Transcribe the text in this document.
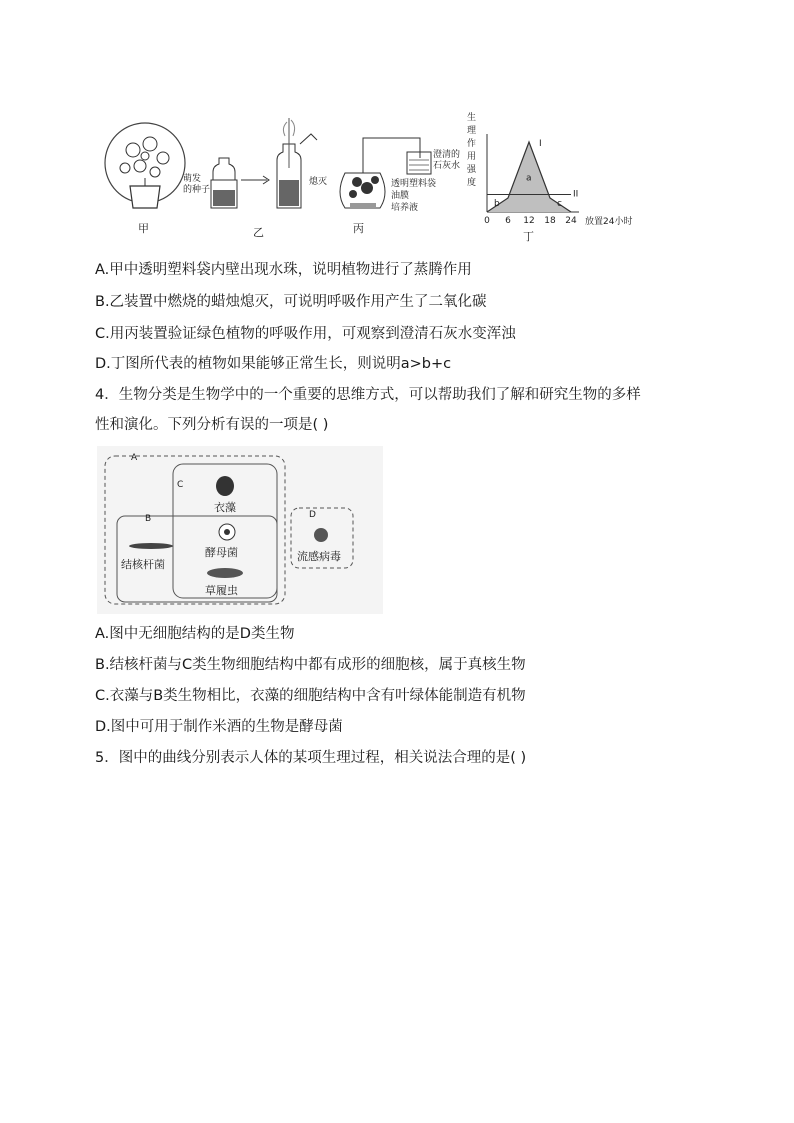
0 6 12 18 24
I
II
a
b	c
甲
萌发
的种子
熄灭
乙
澄清的
石灰水
透明塑料袋
油膜
培养液
丙
生
理
作
用
强
度
放置24小时
丁
A.甲中透明塑料袋内壁出现水珠，说明植物进行了蒸腾作用
B.乙装置中燃烧的蜡烛熄灭，可说明呼吸作用产生了二氧化碳
C.用丙装置验证绿色植物的呼吸作用，可观察到澄清石灰水变浑浊
D.丁图所代表的植物如果能够正常生长，则说明a>b+c
4．生物分类是生物学中的一个重要的思维方式，可以帮助我们了解和研究生物的多样
性和演化。下列分析有误的一项是( )
A
C
B	D
衣藻
酵母菌
草履虫
结核杆菌
流感病毒
A.图中无细胞结构的是D类生物
B.结核杆菌与C类生物细胞结构中都有成形的细胞核，属于真核生物
C.衣藻与B类生物相比，衣藻的细胞结构中含有叶绿体能制造有机物
D.图中可用于制作米酒的生物是酵母菌
5．图中的曲线分别表示人体的某项生理过程，相关说法合理的是( )
